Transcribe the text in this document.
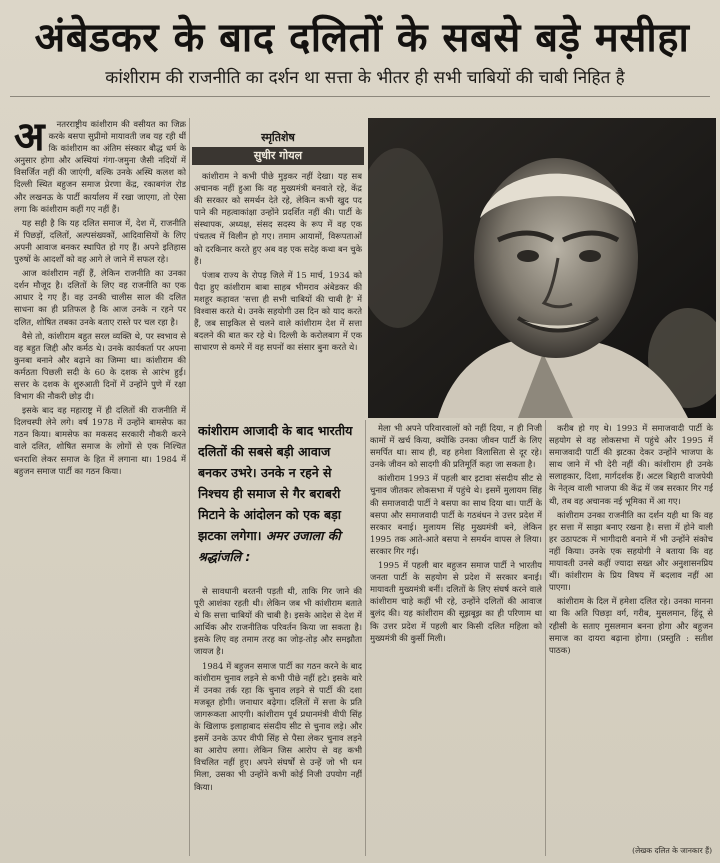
अंबेडकर के बाद दलितों के सबसे बड़े मसीहा
कांशीराम की राजनीति का दर्शन था सत्ता के भीतर ही सभी चाबियों की चाबी निहित है
अ	नतरराष्ट्रीय कांशीराम की वसीयत का जिक्र करके बसपा सुप्रीमो मायावती जब यह रही थीं कि कांशीराम का अंतिम संस्कार बौद्ध धर्म के अनुसार होगा और अस्थियां गंगा-जमुना जैसी नदियों में विसर्जित नहीं की जाएंगी, बल्कि उनके अस्थि कलश को दिल्ली स्थित बहुजन समाज प्रेरणा केंद्र, रकाबगंज रोड और लखनऊ के पार्टी कार्यालय में रखा जाएगा, तो ऐसा लगा कि कांशीराम कहीं गए नहीं हैं।

यह सही है कि यह दलित समाज में, देश में, राजनीति में पिछड़ों, दलितों, अल्पसंख्यकों, आदिवासियों के लिए अपनी आवाज बनकर स्थापित हो गए हैं। अपने इतिहास पुरुषों के आदर्शों को वह आगे ले जाने में सफल रहे।

आज कांशीराम नहीं हैं, लेकिन राजनीति का उनका दर्शन मौजूद है। दलितों के लिए वह राजनीति का एक आधार दे गए हैं। वह उनकी चालीस साल की दलित साधना का ही प्रतिफल है कि आज उनके न रहने पर दलित, शोषित तबका उनके बताए रास्ते पर चल रहा है।

वैसे तो, कांशीराम बहुत सरल व्यक्ति थे, पर स्वभाव से वह बहुत जिद्दी और कर्मठ थे। उनके कार्यकर्ता पर अपना कुनबा बनाने और बढ़ाने का जिम्मा था। कांशीराम की कर्मठता पिछली सदी के 60 के दशक से आरंभ हुई। सत्तर के दशक के शुरुआती दिनों में उन्होंने पुणे में रक्षा विभाग की नौकरी छोड़ दी।

इसके बाद वह महाराष्ट्र में ही दलितों की राजनीति में दिलचस्पी लेने लगे। वर्ष 1978 में उन्होंने बामसेफ का गठन किया। बामसेफ का मकसद सरकारी नौकरी करने वाले दलित, शोषित समाज के लोगों से एक निश्चित धनराशि लेकर समाज के हित में लगाना था। 1984 में बहुजन समाज पार्टी का गठन किया।

स्मृतिशेष
सुधीर गोयल

कांशीराम ने कभी पीछे मुड़कर नहीं देखा। यह सब अचानक नहीं हुआ कि वह मुख्यमंत्री बनवाते रहे, केंद्र की सरकार को समर्थन देते रहे, लेकिन कभी खुद पद पाने की महत्वाकांक्षा उन्होंने प्रदर्शित नहीं की। पार्टी के संस्थापक, अध्यक्ष, संसद सदस्य के रूप में वह एक पंचतत्व में विलीन हो गए। तमाम आयामों, विरूपताओं को दरकिनार करते हुए अब वह एक सदेह कथा बन चुके हैं।

पंजाब राज्य के रोपड़ जिले में 15 मार्च, 1934 को पैदा हुए कांशीराम बाबा साहब भीमराव अंबेडकर की मशहूर कहावत 'सत्ता ही सभी चाबियों की चाबी है' में विश्वास करते थे। उनके सहयोगी उस दिन को याद करते हैं, जब साइकिल से चलने वाले कांशीराम देश में सत्ता बदलने की बात कर रहे थे। दिल्ली के करोलबाग में एक साधारण से कमरे में वह सपनों का संसार बुना करते थे।

कांशीराम आजादी के बाद भारतीय दलितों की सबसे बड़ी आवाज बनकर उभरे। उनके न रहने से निश्चय ही समाज से गैर बराबरी मिटाने के आंदोलन को एक बड़ा झटका लगेगा। अमर उजाला की श्रद्धांजलि :

से सावधानी बरतनी पड़ती थी, ताकि गिर जाने की पूरी आशंका रहती थी। लेकिन जब भी कांशीराम बताते थे कि सत्ता चाबियों की चाबी है। इसके आदेश से देश में आर्थिक और राजनीतिक परिवर्तन किया जा सकता है। इसके लिए वह तमाम तरह का जोड़-तोड़ और समझौता जायज है।

1984 में बहुजन समाज पार्टी का गठन करने के बाद कांशीराम चुनाव लड़ने से कभी पीछे नहीं हटे। इसके बारे में उनका तर्क रहा कि चुनाव लड़ने से पार्टी की दशा मजबूत होगी। जनाधार बढ़ेगा। दलितों में सत्ता के प्रति जागरूकता आएगी। कांशीराम पूर्व प्रधानमंत्री वीपी सिंह के खिलाफ इलाहाबाद संसदीय सीट से चुनाव लड़े। और इसमें उनके ऊपर वीपी सिंह से पैसा लेकर चुनाव लड़ने का आरोप लगा। लेकिन जिस आरोप से वह कभी विचलित नहीं हुए। अपने संघर्षों से उन्हें जो भी धन मिला, उसका भी उन्होंने कभी कोई निजी उपयोग नहीं किया।

मेला भी अपने परिवारवालों को नहीं दिया, न ही निजी कामों में खर्च किया, क्योंकि उनका जीवन पार्टी के लिए समर्पित था। साथ ही, वह हमेशा विलासिता से दूर रहे। उनके जीवन को सादगी की प्रतिमूर्ति कहा जा सकता है।

कांशीराम 1993 में पहली बार इटावा संसदीय सीट से चुनाव जीतकर लोकसभा में पहुंचे थे। इसमें मुलायम सिंह की समाजवादी पार्टी ने बसपा का साथ दिया था। पार्टी के बसपा और समाजवादी पार्टी के गठबंधन ने उत्तर प्रदेश में सरकार बनाई। मुलायम सिंह मुख्यमंत्री बने, लेकिन 1995 तक आते-आते बसपा ने समर्थन वापस ले लिया। सरकार गिर गई।

1995 में पहली बार बहुजन समाज पार्टी ने भारतीय जनता पार्टी के सहयोग से प्रदेश में सरकार बनाई। मायावती मुख्यमंत्री बनीं। दलितों के लिए संघर्ष करने वाले कांशीराम चाहे कहीं भी रहे, उन्होंने दलितों की आवाज बुलंद की। यह कांशीराम की सूझबूझ का ही परिणाम था कि उत्तर प्रदेश में पहली बार किसी दलित महिला को मुख्यमंत्री की कुर्सी मिली।

करीब हो गए थे। 1993 में समाजवादी पार्टी के सहयोग से वह लोकसभा में पहुंचे और 1995 में समाजवादी पार्टी की झटका देकर उन्होंने भाजपा के साथ जाने में भी देरी नहीं की। कांशीराम ही उनके सलाहकार, दिशा, मार्गदर्शक हैं। अटल बिहारी वाजपेयी के नेतृत्व वाली भाजपा की केंद्र में जब सरकार गिर गई थी, तब वह अचानक नई भूमिका में आ गए।

कांशीराम उनका राजनीति का दर्शन यही था कि वह हर सत्ता में साझा बनाए रखना है। सत्ता में होने वाली हर उठापटक में भागीदारी बनाने में भी उन्होंने संकोच नहीं किया। उनके एक सहयोगी ने बताया कि वह मायावती उनसे कहीं ज्यादा सख्त और अनुशासनप्रिय थीं। कांशीराम के प्रिय विषय में बदलाव नहीं आ पाएगा।

कांशीराम के दिल में हमेशा दलित रहे। उनका मानना था कि अति पिछड़ा वर्ग, गरीब, मुसलमान, हिंदू से रहीसी के सताए मुसलमान बनना होगा और बहुजन समाज का दायरा बढ़ाना होगा। (प्रस्तुति : सतीश पाठक)

(लेखक दलित के जानकार हैं)
